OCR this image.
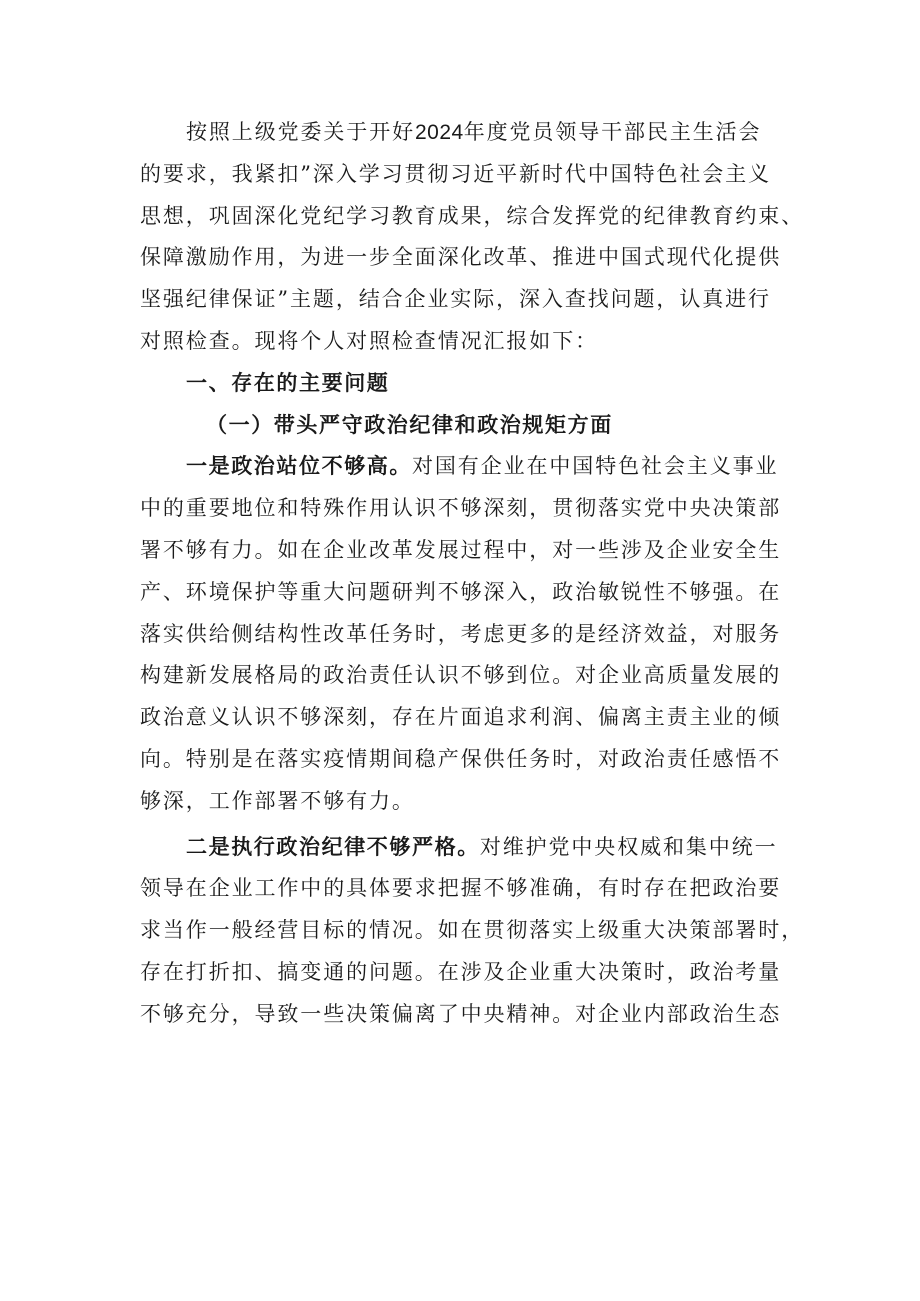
按照上级党委关于开好2024年度党员领导干部民主生活会
的要求，我紧扣”深入学习贯彻习近平新时代中国特色社会主义
思想，巩固深化党纪学习教育成果，综合发挥党的纪律教育约束、
保障激励作用，为进一步全面深化改革、推进中国式现代化提供
坚强纪律保证”主题，结合企业实际，深入查找问题，认真进行
对照检查。现将个人对照检查情况汇报如下：
一、存在的主要问题
（一）带头严守政治纪律和政治规矩方面
一是政治站位不够高。对国有企业在中国特色社会主义事业
中的重要地位和特殊作用认识不够深刻，贯彻落实党中央决策部
署不够有力。如在企业改革发展过程中，对一些涉及企业安全生
产、环境保护等重大问题研判不够深入，政治敏锐性不够强。在
落实供给侧结构性改革任务时，考虑更多的是经济效益，对服务
构建新发展格局的政治责任认识不够到位。对企业高质量发展的
政治意义认识不够深刻，存在片面追求利润、偏离主责主业的倾
向。特别是在落实疫情期间稳产保供任务时，对政治责任感悟不
够深，工作部署不够有力。
二是执行政治纪律不够严格。对维护党中央权威和集中统一
领导在企业工作中的具体要求把握不够准确，有时存在把政治要
求当作一般经营目标的情况。如在贯彻落实上级重大决策部署时，
存在打折扣、搞变通的问题。在涉及企业重大决策时，政治考量
不够充分，导致一些决策偏离了中央精神。对企业内部政治生态
